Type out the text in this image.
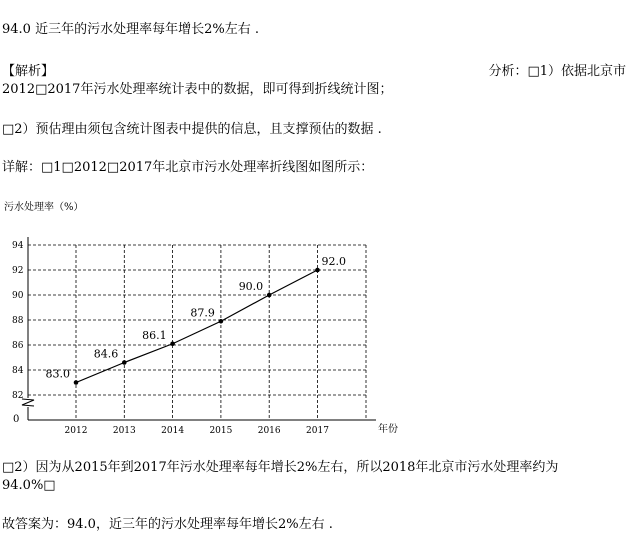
94.0 近三年的污水处理率每年增长2%左右 .
【解析】	分析：□1）依据北京市
2012□2017年污水处理率统计表中的数据，即可得到折线统计图；
□2）预估理由须包含统计图表中提供的信息，且支撑预估的数据 .
详解：□1□2012□2017年北京市污水处理率折线图如图所示：
污水处理率（%）
年份
0
82
84
86
88
90
92
94
2012	2013	2014	2015	2016	2017
83.0
84.6
86.1
87.9
90.0
92.0
□2）因为从2015年到2017年污水处理率每年增长2%左右，所以2018年北京市污水处理率约为
94.0%□
故答案为：94.0，近三年的污水处理率每年增长2%左右 .
